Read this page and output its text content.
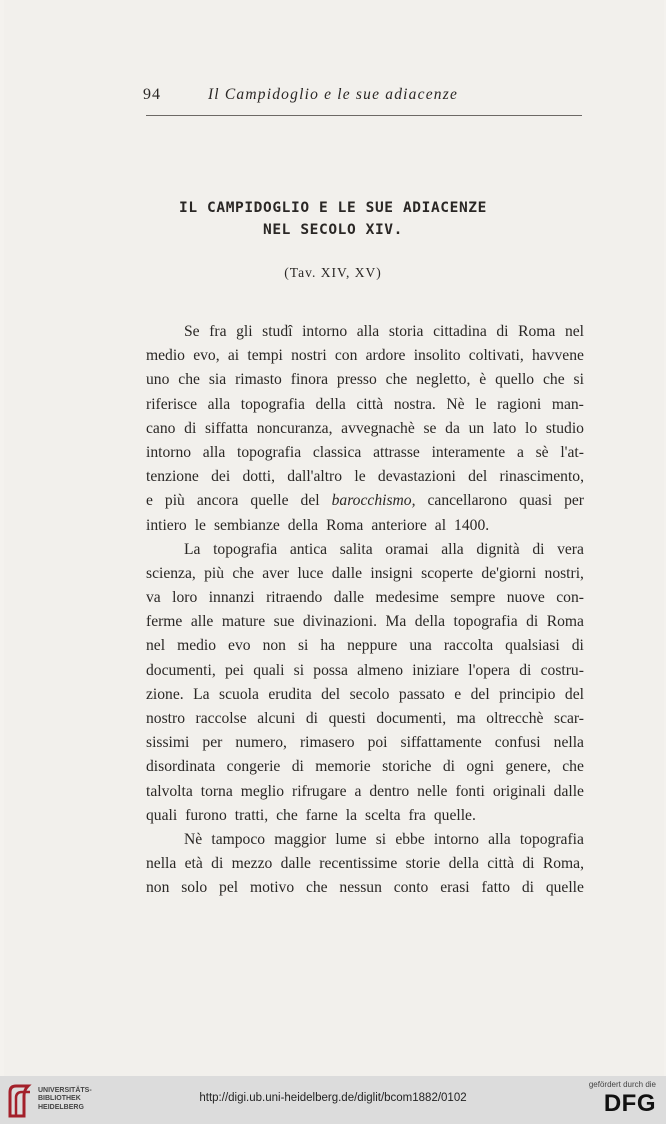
94	Il Campidoglio e le sue adiacenze
IL CAMPIDOGLIO E LE SUE ADIACENZE
NEL SECOLO XIV.
(Tav. XIV, XV)
Se fra gli studî intorno alla storia cittadina di Roma nel
medio evo, ai tempi nostri con ardore insolito coltivati, havvene
uno che sia rimasto finora presso che negletto, è quello che si
riferisce alla topografia della città nostra. Nè le ragioni man-
cano di siffatta noncuranza, avvegnachè se da un lato lo studio
intorno alla topografia classica attrasse interamente a sè l'at-
tenzione dei dotti, dall'altro le devastazioni del rinascimento,
e più ancora quelle del barocchismo, cancellarono quasi per
intiero le sembianze della Roma anteriore al 1400.
La topografia antica salita oramai alla dignità di vera
scienza, più che aver luce dalle insigni scoperte de'giorni nostri,
va loro innanzi ritraendo dalle medesime sempre nuove con-
ferme alle mature sue divinazioni. Ma della topografia di Roma
nel medio evo non si ha neppure una raccolta qualsiasi di
documenti, pei quali si possa almeno iniziare l'opera di costru-
zione. La scuola erudita del secolo passato e del principio del
nostro raccolse alcuni di questi documenti, ma oltrecchè scar-
sissimi per numero, rimasero poi siffattamente confusi nella
disordinata congerie di memorie storiche di ogni genere, che
talvolta torna meglio rifrugare a dentro nelle fonti originali dalle
quali furono tratti, che farne la scelta fra quelle.
Nè tampoco maggior lume si ebbe intorno alla topografia
nella età di mezzo dalle recentissime storie della città di Roma,
non solo pel motivo che nessun conto erasi fatto di quelle
UNIVERSITÄTS-
BIBLIOTHEK
HEIDELBERG
http://digi.ub.uni-heidelberg.de/diglit/bcom1882/0102
gefördert durch die
DFG
